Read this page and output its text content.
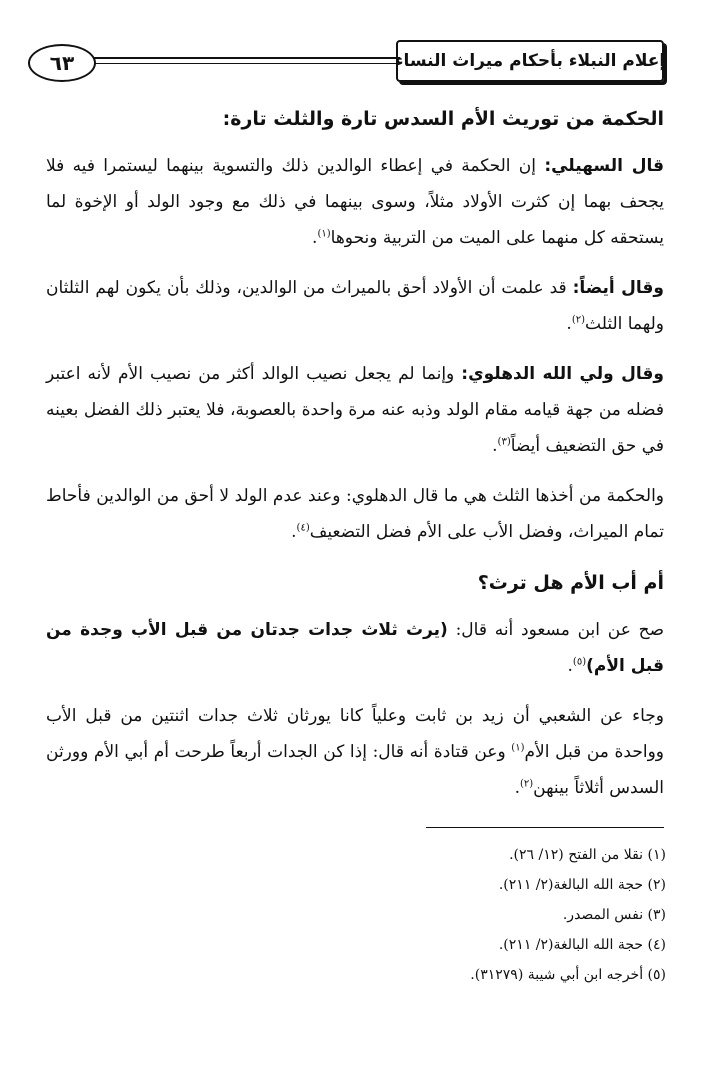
٦٣	إعلام النبلاء بأحكام ميراث النساء
الحكمة من توريث الأم السدس تارة والثلث تارة:

قال السهيلي: إن الحكمة في إعطاء الوالدين ذلك والتسوية بينهما ليستمرا فيه فلا يجحف بهما إن كثرت الأولاد مثلاً، وسوى بينهما في ذلك مع وجود الولد أو الإخوة لما يستحقه كل منهما على الميت من التربية ونحوها$^{(١)}$.

وقال أيضاً: قد علمت أن الأولاد أحق بالميراث من الوالدين، وذلك بأن يكون لهم الثلثان ولهما الثلث$^{(٢)}$.

وقال ولي الله الدهلوي: وإنما لم يجعل نصيب الوالد أكثر من نصيب الأم لأنه اعتبر فضله من جهة قيامه مقام الولد وذبه عنه مرة واحدة بالعصوبة، فلا يعتبر ذلك الفضل بعينه في حق التضعيف أيضاً$^{(٣)}$.

والحكمة من أخذها الثلث هي ما قال الدهلوي: وعند عدم الولد لا أحق من الوالدين فأحاط تمام الميراث، وفضل الأب على الأم فضل التضعيف$^{(٤)}$.

أم أب الأم هل ترث؟

صح عن ابن مسعود أنه قال: (يرث ثلاث جدات جدتان من قبل الأب وجدة من قبل الأم)$^{(٥)}$.

وجاء عن الشعبي أن زيد بن ثابت وعلياً كانا يورثان ثلاث جدات اثنتين من قبل الأب وواحدة من قبل الأم$^{(١)}$ وعن قتادة أنه قال: إذا كن الجدات أربعاً طرحت أم أبي الأم وورثن السدس أثلاثاً بينهن$^{(٢)}$.

(١) نقلا من الفتح (١٢/ ٢٦).
(٢) حجة الله البالغة(٢/ ٢١١).
(٣) نفس المصدر.
(٤) حجة الله البالغة(٢/ ٢١١).
(٥) أخرجه ابن أبي شيبة (٣١٢٧٩).
